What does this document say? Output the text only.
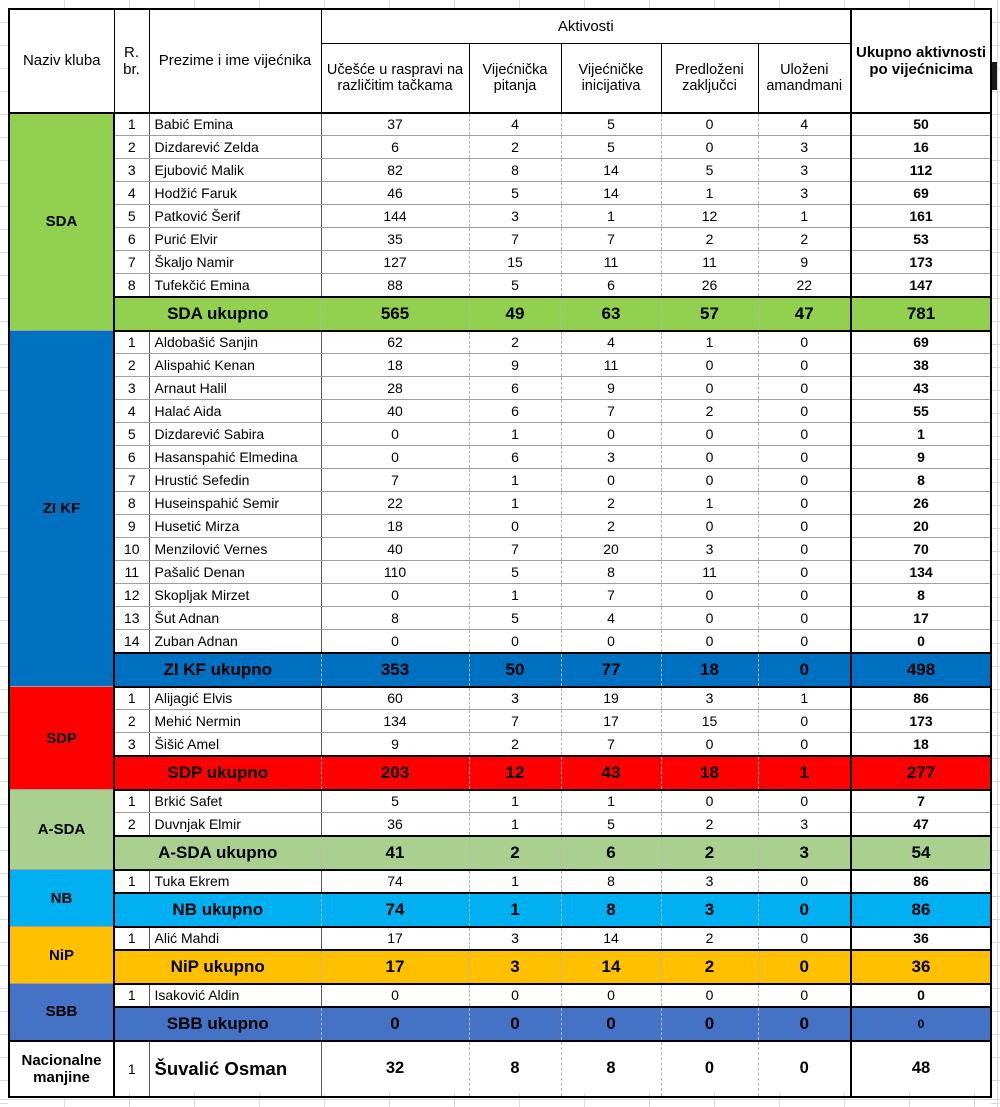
Naziv kluba	R. br.	Prezime i ime vijećnika	Aktivosti					Ukupno aktivnosti po vijećnicima
			Učešće u raspravi na različitim tačkama	Vijećnička pitanja	Vijećničke inicijativa	Predloženi zaključci	Uloženi amandmani	
SDA	1	Babić Emina	37	4	5	0	4	50
	2	Dizdarević Zelda	6	2	5	0	3	16
	3	Ejubović Malik	82	8	14	5	3	112
	4	Hodžić Faruk	46	5	14	1	3	69
	5	Patković Šerif	144	3	1	12	1	161
	6	Purić Elvir	35	7	7	2	2	53
	7	Škaljo Namir	127	15	11	11	9	173
	8	Tufekčić Emina	88	5	6	26	22	147
	SDA ukupno		565	49	63	57	47	781
ZI KF	1	Aldobašić Sanjin	62	2	4	1	0	69
	2	Alispahić Kenan	18	9	11	0	0	38
	3	Arnaut Halil	28	6	9	0	0	43
	4	Halać Aida	40	6	7	2	0	55
	5	Dizdarević Sabira	0	1	0	0	0	1
	6	Hasanspahić Elmedina	0	6	3	0	0	9
	7	Hrustić Sefedin	7	1	0	0	0	8
	8	Huseinspahić Semir	22	1	2	1	0	26
	9	Husetić Mirza	18	0	2	0	0	20
	10	Menzilović Vernes	40	7	20	3	0	70
	11	Pašalić Denan	110	5	8	11	0	134
	12	Skopljak Mirzet	0	1	7	0	0	8
	13	Šut Adnan	8	5	4	0	0	17
	14	Zuban Adnan	0	0	0	0	0	0
	ZI KF ukupno		353	50	77	18	0	498
SDP	1	Alijagić Elvis	60	3	19	3	1	86
	2	Mehić Nermin	134	7	17	15	0	173
	3	Šišić Amel	9	2	7	0	0	18
	SDP ukupno		203	12	43	18	1	277
A-SDA	1	Brkić Safet	5	1	1	0	0	7
	2	Duvnjak Elmir	36	1	5	2	3	47
	A-SDA ukupno		41	2	6	2	3	54
NB	1	Tuka Ekrem	74	1	8	3	0	86
	NB ukupno		74	1	8	3	0	86
NiP	1	Alić Mahdi	17	3	14	2	0	36
	NiP ukupno		17	3	14	2	0	36
SBB	1	Isaković Aldin	0	0	0	0	0	0
	SBB ukupno		0	0	0	0	0	0
Nacionalne manjine	1	Šuvalić Osman	32	8	8	0	0	48
